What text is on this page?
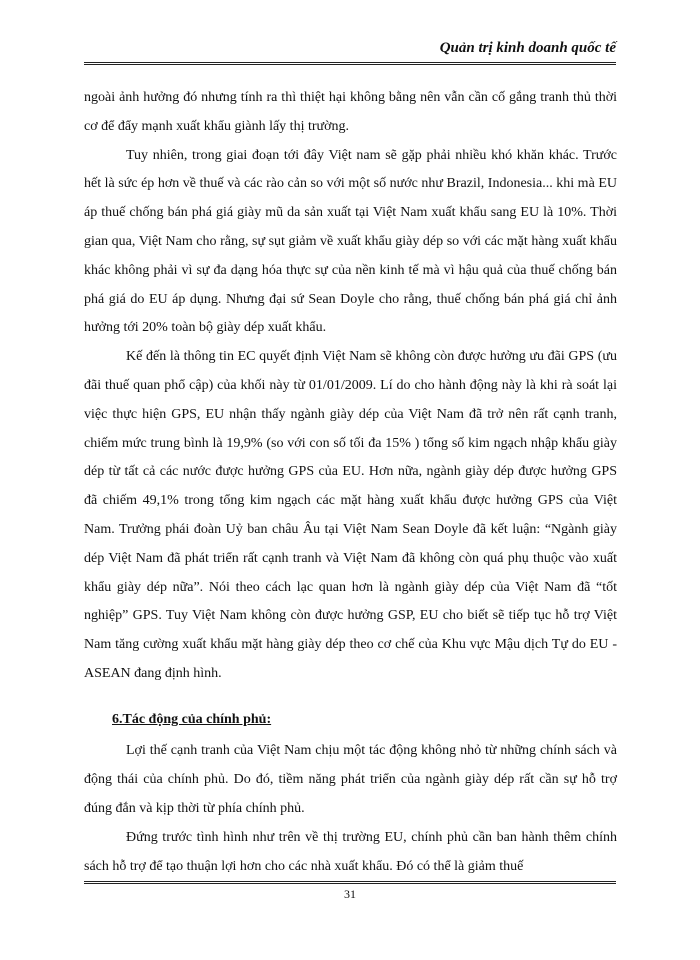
Quản trị kinh doanh quốc tế

ngoài ảnh hưởng đó nhưng tính ra thì thiệt hại không bằng nên vẫn cần cố gắng tranh thủ thời cơ để đẩy mạnh xuất khẩu giành lấy thị trường.

Tuy nhiên, trong giai đoạn tới đây Việt nam sẽ gặp phải nhiều khó khăn khác. Trước hết là sức ép hơn về thuế và các rào cản so với một số nước như Brazil, Indonesia... khi mà EU áp thuế chống bán phá giá giày mũ da sản xuất tại Việt Nam xuất khẩu sang EU là 10%. Thời gian qua, Việt Nam cho rằng, sự sụt giảm về xuất khẩu giày dép so với các mặt hàng xuất khẩu khác không phải vì sự đa dạng hóa thực sự của nền kinh tế mà vì hậu quả của thuế chống bán phá giá do EU áp dụng. Nhưng đại sứ Sean Doyle cho rằng, thuế chống bán phá giá chỉ ảnh hưởng tới 20% toàn bộ giày dép xuất khẩu.

Kế đến là thông tin EC quyết định Việt Nam sẽ không còn được hưởng ưu đãi GPS (ưu đãi thuế quan phổ cập) của khối này từ 01/01/2009. Lí do cho hành động này là khi rà soát lại việc thực hiện GPS, EU nhận thấy ngành giày dép của Việt Nam đã trở nên rất cạnh tranh, chiếm mức trung bình là 19,9% (so với con số tối đa 15% ) tổng số kim ngạch nhập khẩu giày dép từ tất cả các nước được hưởng GPS của EU. Hơn nữa, ngành giày dép được hưởng GPS đã chiếm 49,1% trong tổng kim ngạch các mặt hàng xuất khẩu được hưởng GPS của Việt Nam. Trưởng phái đoàn Uỷ ban châu Âu tại Việt Nam Sean Doyle đã kết luận: “Ngành giày dép Việt Nam đã phát triển rất cạnh tranh và Việt Nam đã không còn quá phụ thuộc vào xuất khẩu giày dép nữa”. Nói theo cách lạc quan hơn là ngành giày dép của Việt Nam đã “tốt nghiệp” GPS. Tuy Việt Nam không còn được hưởng GSP, EU cho biết sẽ tiếp tục hỗ trợ Việt Nam tăng cường xuất khẩu mặt hàng giày dép theo cơ chế của Khu vực Mậu dịch Tự do EU - ASEAN đang định hình.

6.Tác động của chính phủ:

Lợi thế cạnh tranh của Việt Nam chịu một tác động không nhỏ từ những chính sách và động thái của chính phủ. Do đó, tiềm năng phát triển của ngành giày dép rất cần sự hỗ trợ đúng đắn và kịp thời từ phía chính phủ.

Đứng trước tình hình như trên về thị trường EU, chính phủ cần ban hành thêm chính sách hỗ trợ để tạo thuận lợi hơn cho các nhà xuất khẩu. Đó có thể là giảm thuế

31
